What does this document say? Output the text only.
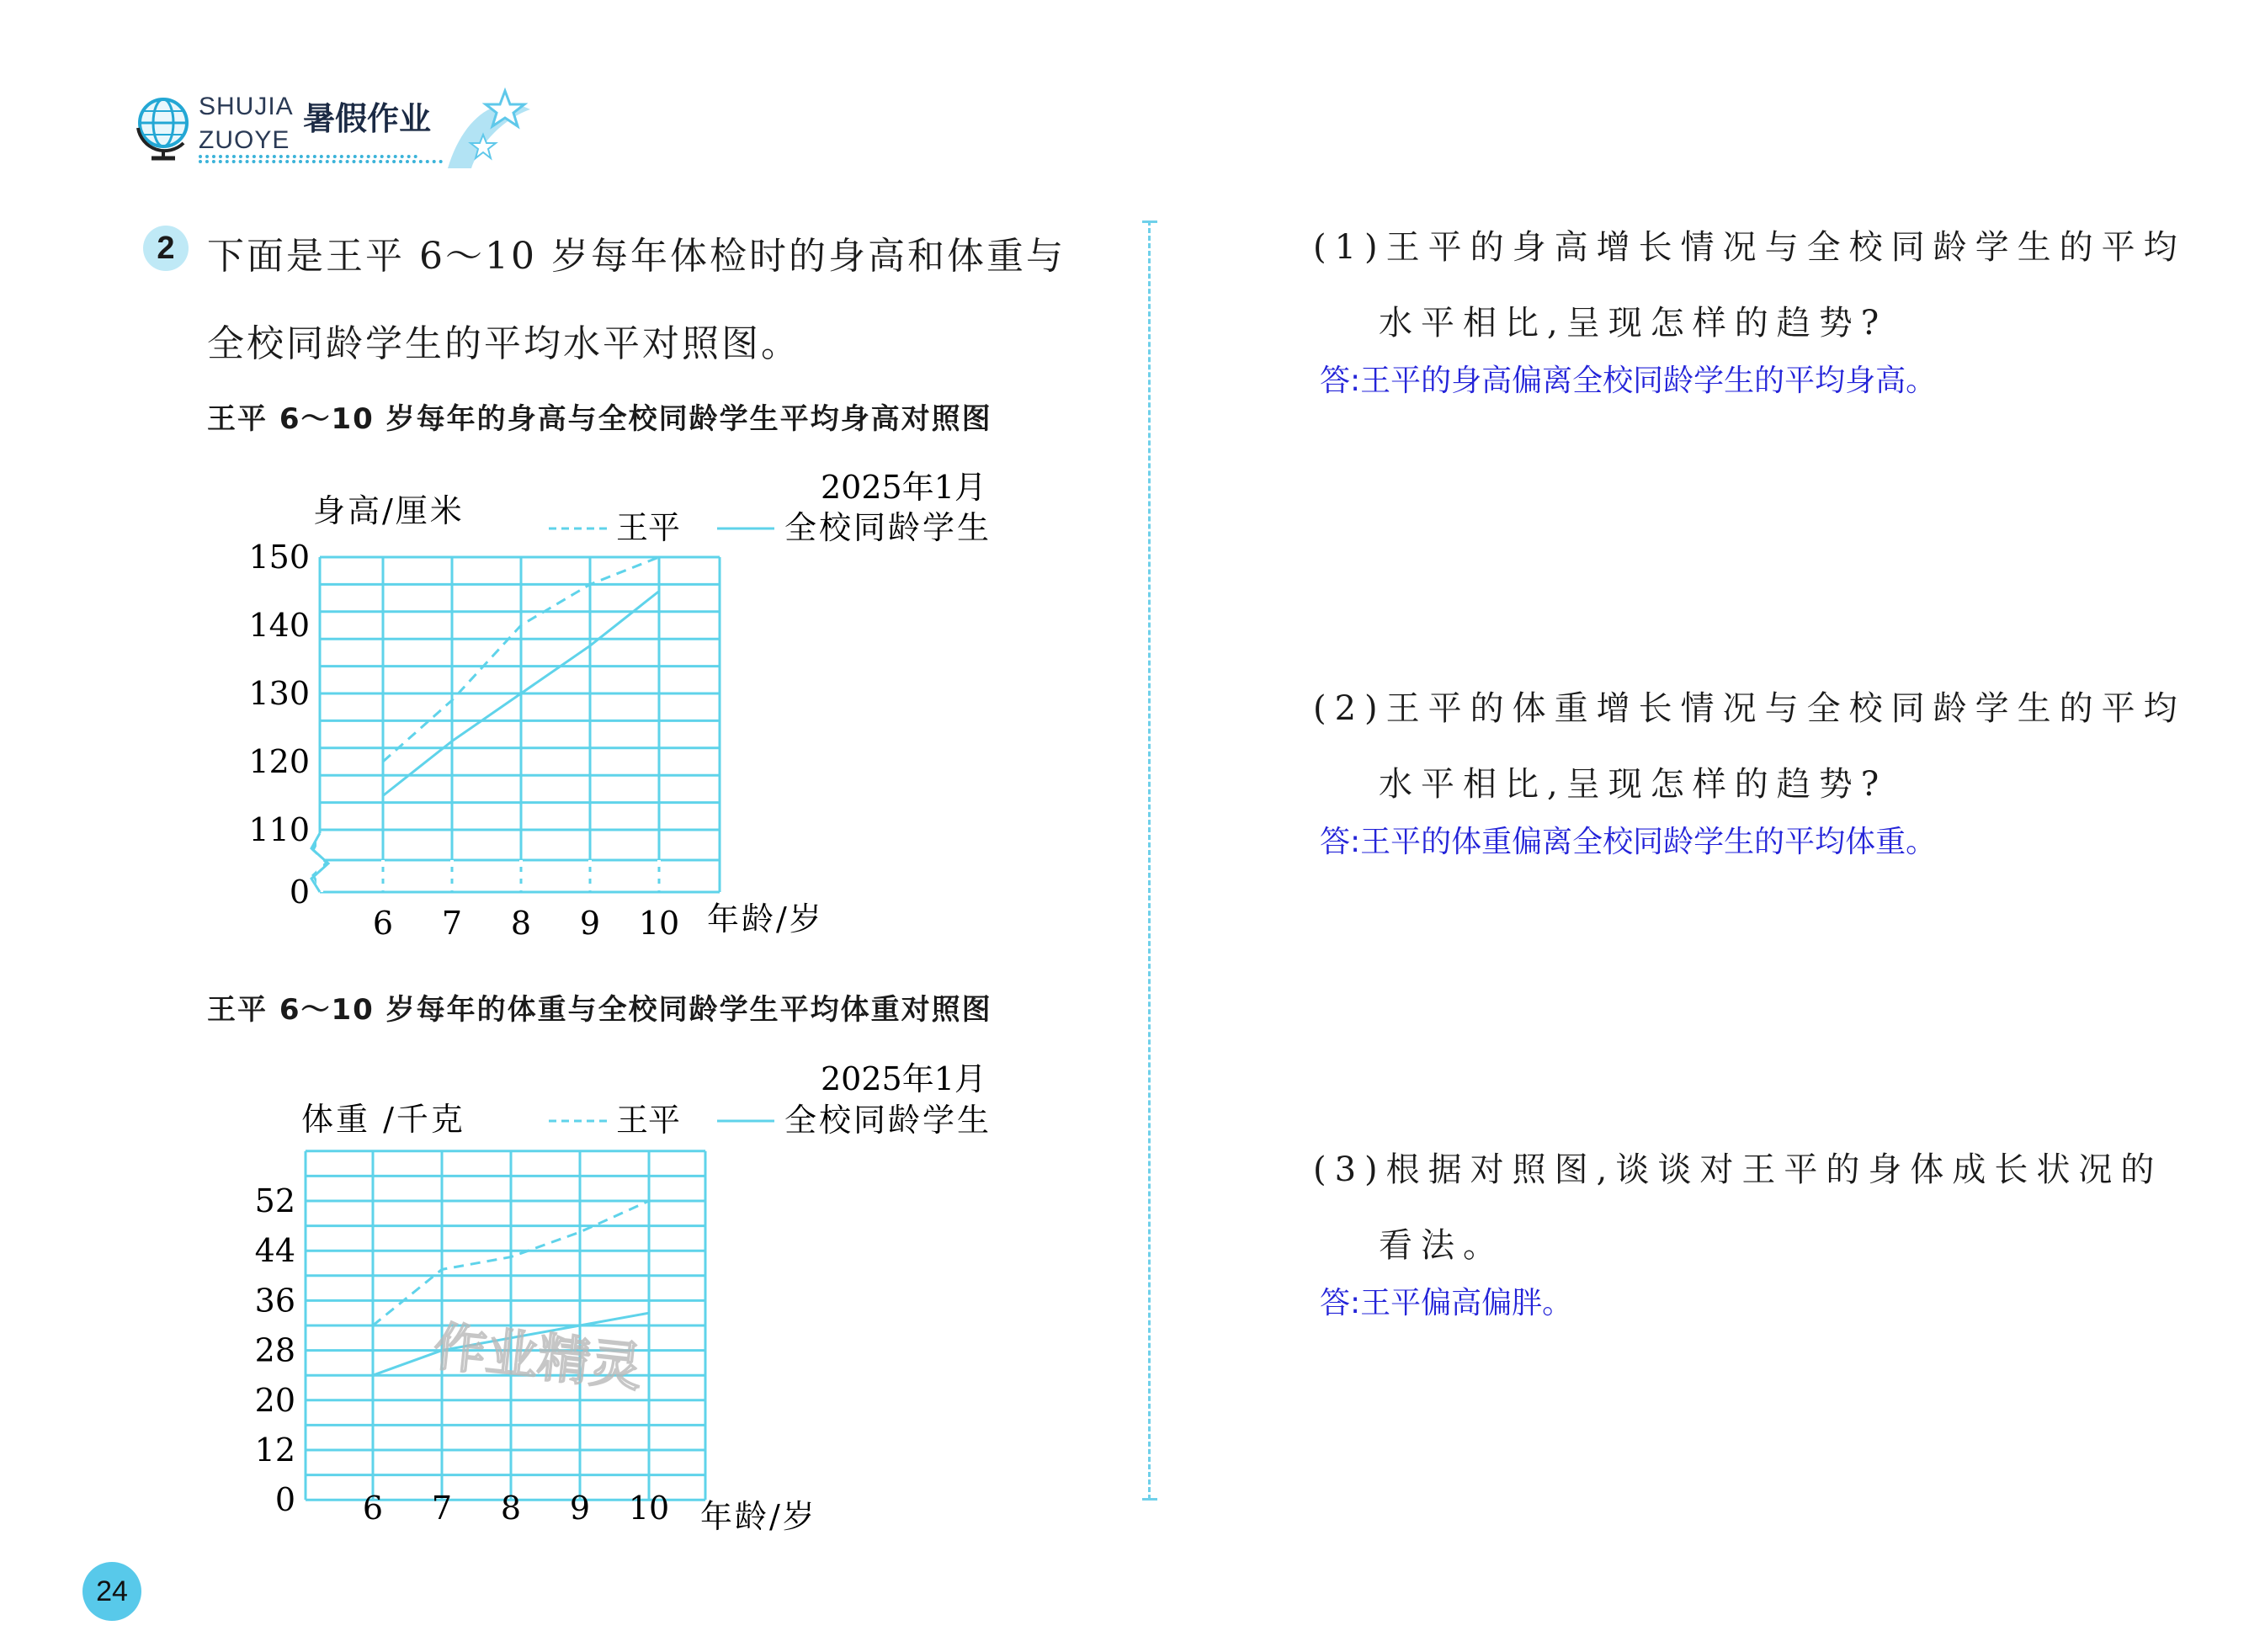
SHUJIA
ZUOYE
暑假作业
2 下面是王平 6～10 岁每年体检时的身高和体重与
全校同龄学生的平均水平对照图。
王平 6～10 岁每年的身高与全校同龄学生平均身高对照图
2025年1月
身高/厘米	王平	全校同龄学生
0
110
120
130
140
150
6 7 8 9 10 年龄/岁
王平 6～10 岁每年的体重与全校同龄学生平均体重对照图
2025年1月
体重 /千克	王平	全校同龄学生
0
12
20
28
36
44
52
6 7 8 9 10 年龄/岁
作业精灵
(1)王平的身高增长情况与全校同龄学生的平均
水平相比,呈现怎样的趋势?
答:王平的身高偏离全校同龄学生的平均身高。
(2)王平的体重增长情况与全校同龄学生的平均
水平相比,呈现怎样的趋势?
答:王平的体重偏离全校同龄学生的平均体重。
(3)根据对照图,谈谈对王平的身体成长状况的
看法。
答:王平偏高偏胖。
24
